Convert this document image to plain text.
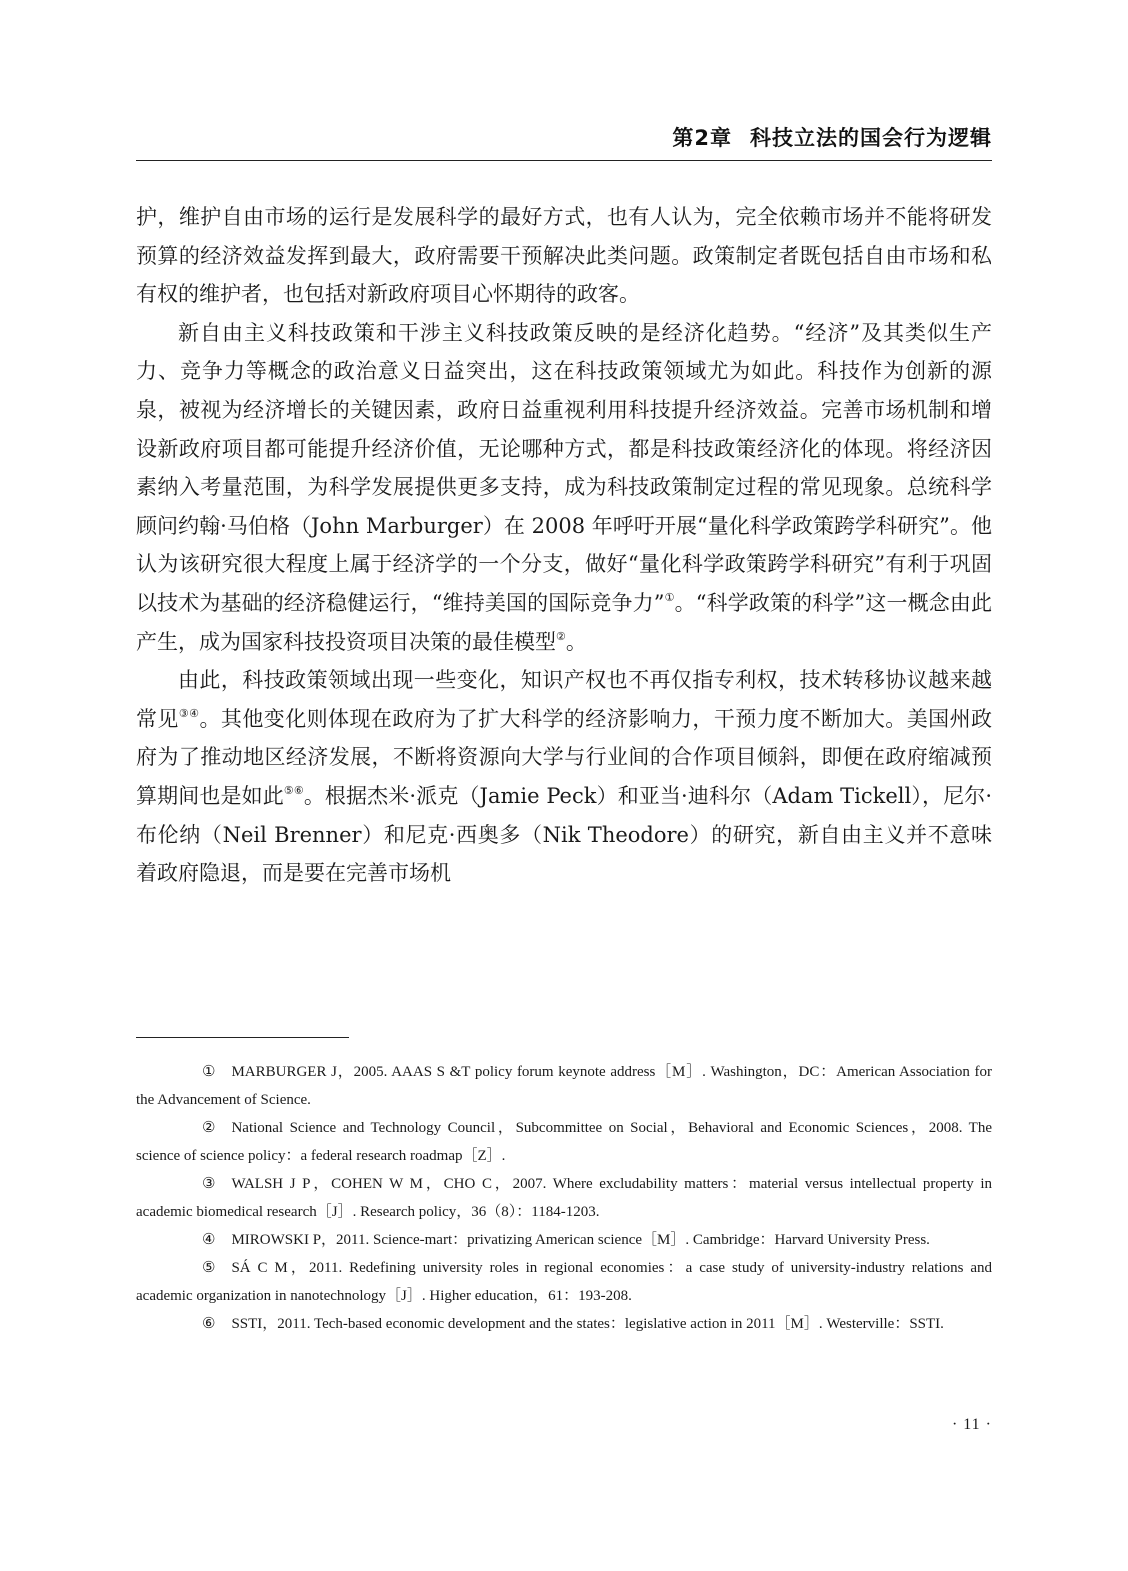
第2章 科技立法的国会行为逻辑

护，维护自由市场的运行是发展科学的最好方式，也有人认为，完全依赖市场并不能将研发预算的经济效益发挥到最大，政府需要干预解决此类问题。政策制定者既包括自由市场和私有权的维护者，也包括对新政府项目心怀期待的政客。

新自由主义科技政策和干涉主义科技政策反映的是经济化趋势。“经济”及其类似生产力、竞争力等概念的政治意义日益突出，这在科技政策领域尤为如此。科技作为创新的源泉，被视为经济增长的关键因素，政府日益重视利用科技提升经济效益。完善市场机制和增设新政府项目都可能提升经济价值，无论哪种方式，都是科技政策经济化的体现。将经济因素纳入考量范围，为科学发展提供更多支持，成为科技政策制定过程的常见现象。总统科学顾问约翰·马伯格（John Marburger）在 2008 年呼吁开展“量化科学政策跨学科研究”。他认为该研究很大程度上属于经济学的一个分支，做好“量化科学政策跨学科研究”有利于巩固以技术为基础的经济稳健运行，“维持美国的国际竞争力”①。“科学政策的科学”这一概念由此产生，成为国家科技投资项目决策的最佳模型②。

由此，科技政策领域出现一些变化，知识产权也不再仅指专利权，技术转移协议越来越常见③④。其他变化则体现在政府为了扩大科学的经济影响力，干预力度不断加大。美国州政府为了推动地区经济发展，不断将资源向大学与行业间的合作项目倾斜，即便在政府缩减预算期间也是如此⑤⑥。根据杰米·派克（Jamie Peck）和亚当·迪科尔（Adam Tickell），尼尔·布伦纳（Neil Brenner）和尼克·西奥多（Nik Theodore）的研究，新自由主义并不意味着政府隐退，而是要在完善市场机

① MARBURGER J，2005. AAAS S &T policy forum keynote address［M］. Washington，DC：American Association for the Advancement of Science.

② National Science and Technology Council，Subcommittee on Social，Behavioral and Economic Sciences，2008. The science of science policy：a federal research roadmap［Z］.

③ WALSH J P，COHEN W M，CHO C，2007. Where excludability matters：material versus intellectual property in academic biomedical research［J］. Research policy，36（8）：1184-1203.

④ MIROWSKI P，2011. Science-mart：privatizing American science［M］. Cambridge：Harvard University Press.

⑤ SÁ C M，2011. Redefining university roles in regional economies：a case study of university-industry relations and academic organization in nanotechnology［J］. Higher education，61：193-208.

⑥ SSTI，2011. Tech-based economic development and the states：legislative action in 2011［M］. Westerville：SSTI.

· 11 ·
